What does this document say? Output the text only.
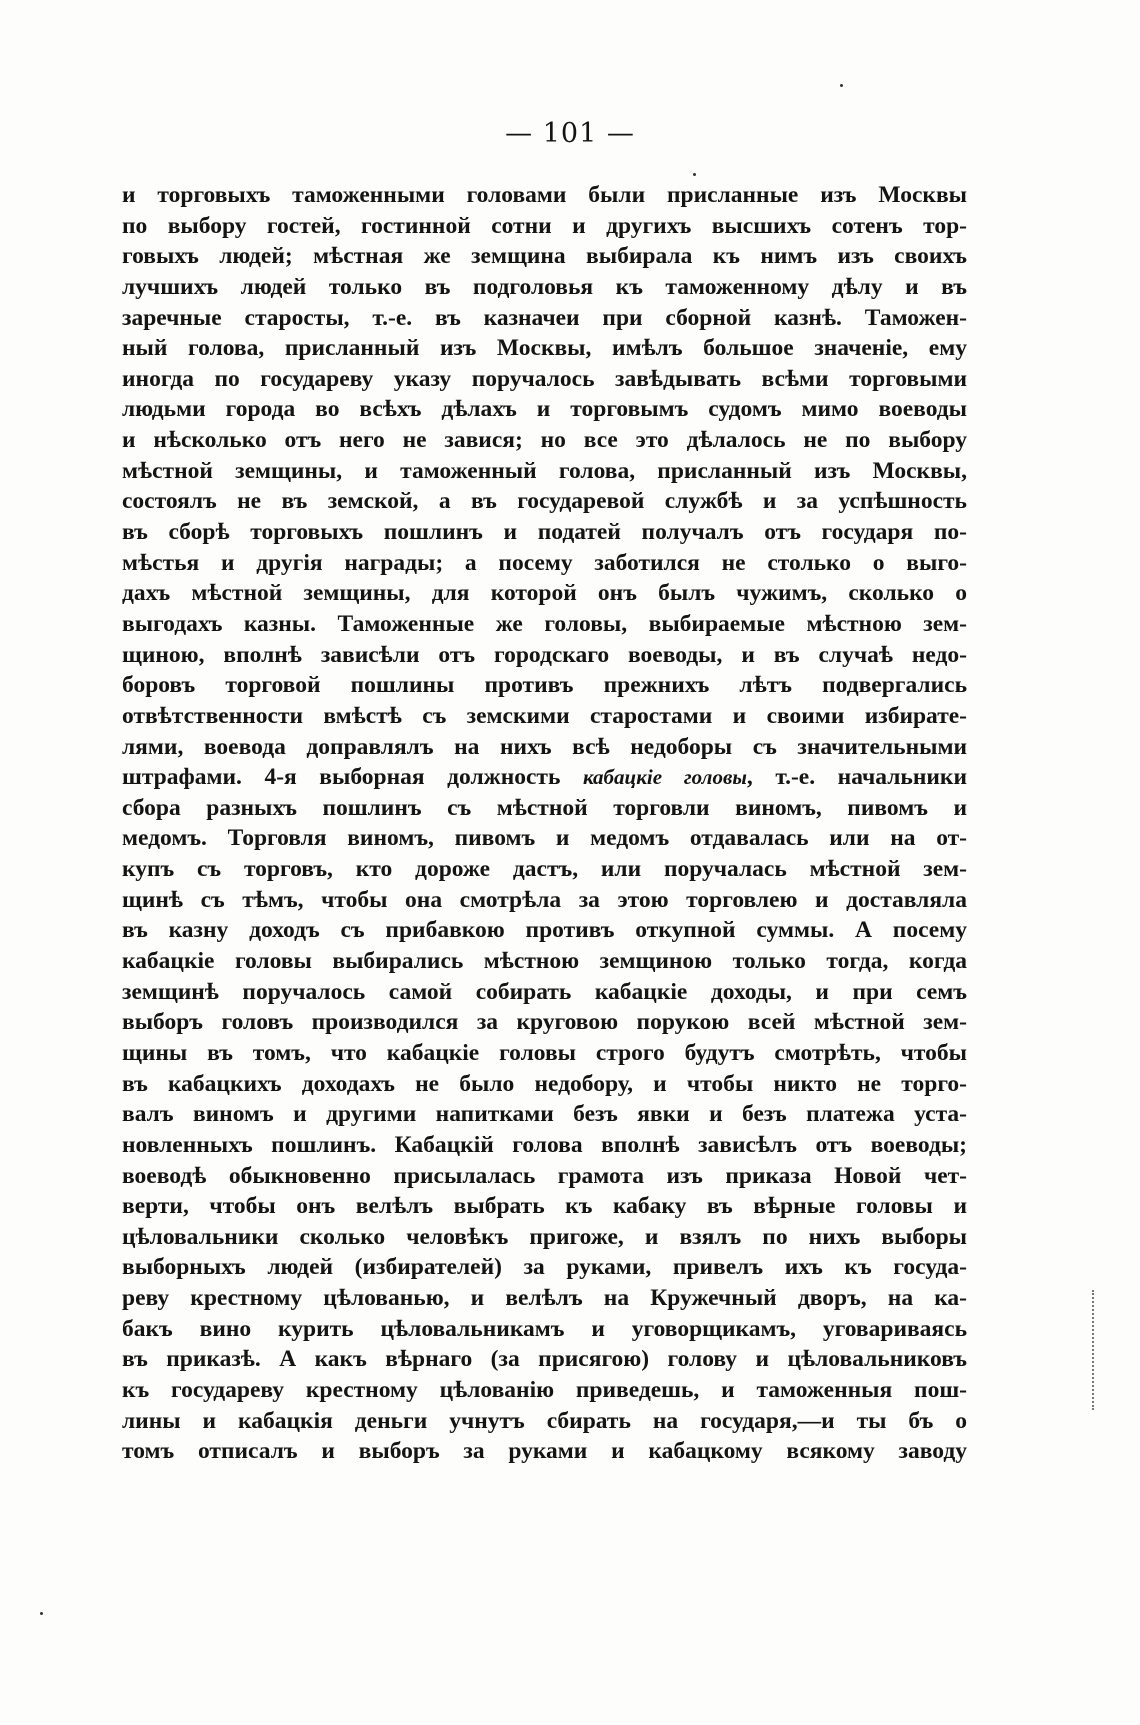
— 101 —
и торговыхъ таможенными головами были присланные изъ Москвы
по выбору гостей, гостинной сотни и другихъ высшихъ сотенъ тор-
говыхъ людей; мѣстная же земщина выбирала къ нимъ изъ своихъ
лучшихъ людей только въ подголовья къ таможенному дѣлу и въ
заречные старосты, т.-е. въ казначеи при сборной казнѣ. Таможен-
ный голова, присланный изъ Москвы, имѣлъ большое значеніе, ему
иногда по государеву указу поручалось завѣдывать всѣми торговыми
людьми города во всѣхъ дѣлахъ и торговымъ судомъ мимо воеводы
и нѣсколько отъ него не завися; но все это дѣлалось не по выбору
мѣстной земщины, и таможенный голова, присланный изъ Москвы,
состоялъ не въ земской, а въ государевой службѣ и за успѣшность
въ сборѣ торговыхъ пошлинъ и податей получалъ отъ государя по-
мѣстья и другія награды; а посему заботился не столько о выго-
дахъ мѣстной земщины, для которой онъ былъ чужимъ, сколько о
выгодахъ казны. Таможенные же головы, выбираемые мѣстною зем-
щиною, вполнѣ зависѣли отъ городскаго воеводы, и въ случаѣ недо-
боровъ торговой пошлины противъ прежнихъ лѣтъ подвергались
отвѣтственности вмѣстѣ съ земскими старостами и своими избирате-
лями, воевода доправлялъ на нихъ всѣ недоборы съ значительными
штрафами. 4-я выборная должность кабацкіе головы, т.-е. начальники
сбора разныхъ пошлинъ съ мѣстной торговли виномъ, пивомъ и
медомъ. Торговля виномъ, пивомъ и медомъ отдавалась или на от-
купъ съ торговъ, кто дороже дастъ, или поручалась мѣстной зем-
щинѣ съ тѣмъ, чтобы она смотрѣла за этою торговлею и доставляла
въ казну доходъ съ прибавкою противъ откупной суммы. А посему
кабацкіе головы выбирались мѣстною земщиною только тогда, когда
земщинѣ поручалось самой собирать кабацкіе доходы, и при семъ
выборъ головъ производился за круговою порукою всей мѣстной зем-
щины въ томъ, что кабацкіе головы строго будутъ смотрѣть, чтобы
въ кабацкихъ доходахъ не было недобору, и чтобы никто не торго-
валъ виномъ и другими напитками безъ явки и безъ платежа уста-
новленныхъ пошлинъ. Кабацкій голова вполнѣ зависѣлъ отъ воеводы;
воеводѣ обыкновенно присылалась грамота изъ приказа Новой чет-
верти, чтобы онъ велѣлъ выбрать къ кабаку въ вѣрные головы и
цѣловальники сколько человѣкъ пригоже, и взялъ по нихъ выборы
выборныхъ людей (избирателей) за руками, привелъ ихъ къ госуда-
реву крестному цѣлованью, и велѣлъ на Кружечный дворъ, на ка-
бакъ вино курить цѣловальникамъ и уговорщикамъ, уговариваясь
въ приказѣ. А какъ вѣрнаго (за присягою) голову и цѣловальниковъ
къ государеву крестному цѣлованію приведешь, и таможенныя пош-
лины и кабацкія деньги учнутъ сбирать на государя,—и ты бъ о
томъ отписалъ и выборъ за руками и кабацкому всякому заводу
